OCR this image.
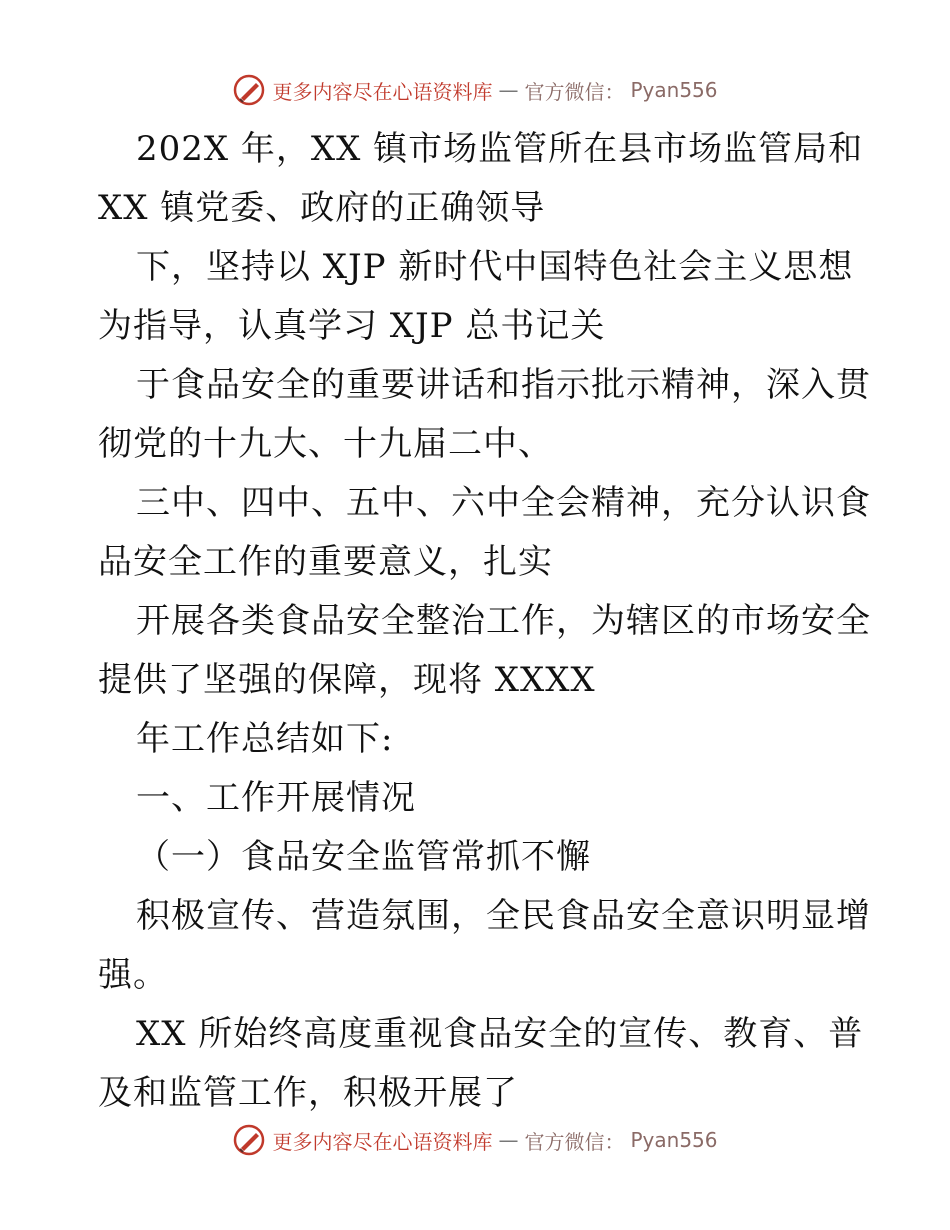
更多内容尽在心语资料库 — 官方微信： Pyan556
202X 年，XX 镇市场监管所在县市场监管局和
XX 镇党委、政府的正确领导
下，坚持以 XJP 新时代中国特色社会主义思想
为指导，认真学习 XJP 总书记关
于食品安全的重要讲话和指示批示精神，深入贯
彻党的十九大、十九届二中、
三中、四中、五中、六中全会精神，充分认识食
品安全工作的重要意义，扎实
开展各类食品安全整治工作，为辖区的市场安全
提供了坚强的保障，现将 XXXX
年工作总结如下:
一、工作开展情况
（一）食品安全监管常抓不懈
积极宣传、营造氛围，全民食品安全意识明显增
强。
XX 所始终高度重视食品安全的宣传、教育、普
及和监管工作，积极开展了
更多内容尽在心语资料库 — 官方微信： Pyan556
